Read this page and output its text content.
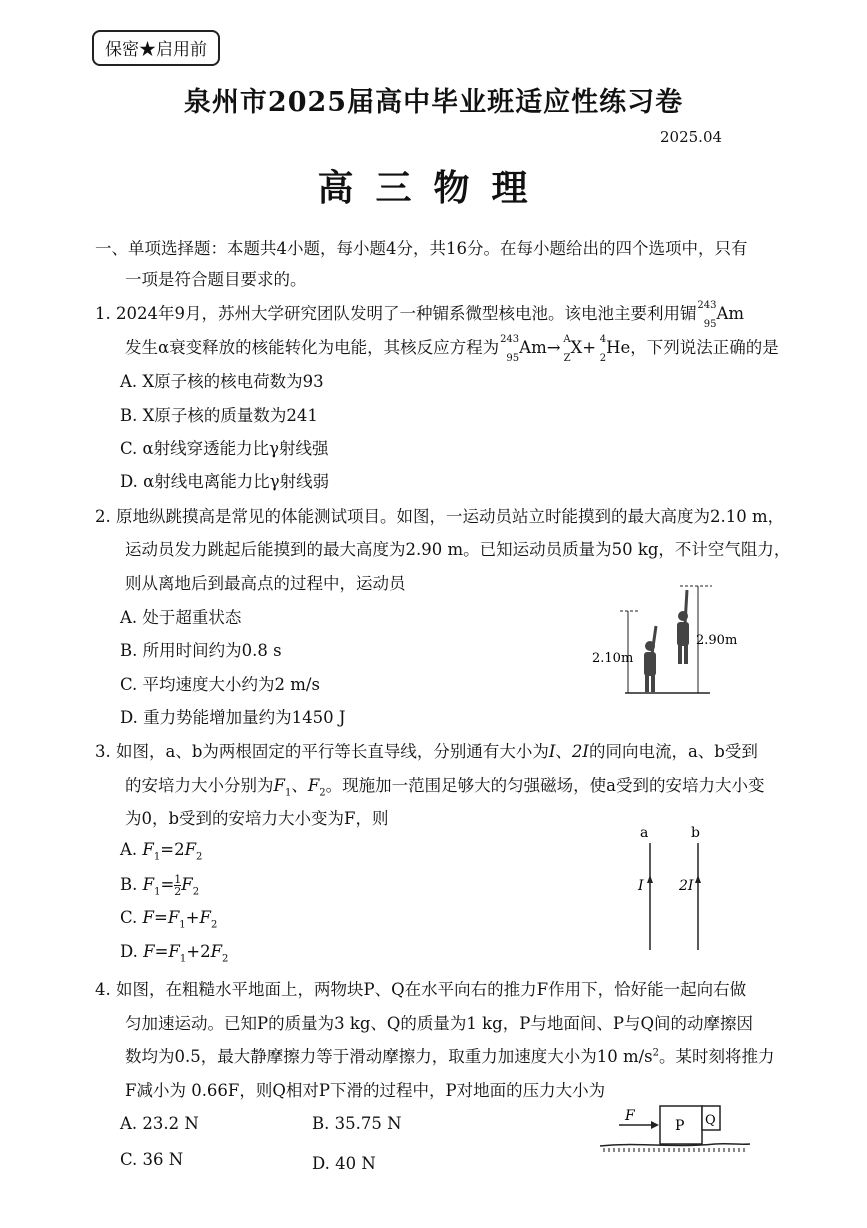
保密★启用前
泉州市2025届高中毕业班适应性练习卷
2025.04
高三物理
一、单项选择题：本题共4小题，每小题4分，共16分。在每小题给出的四个选项中，只有
一项是符合题目要求的。
1. 2024年9月，苏州大学研究团队发明了一种镅系微型核电池。该电池主要利用镅 243
95
Am
发生α衰变释放的核能转化为电能，其核反应方程为 243
95
Am→ A
Z
X+ 4
2
He，下列说法正确的是
A. X原子核的核电荷数为93
B. X原子核的质量数为241
C. α射线穿透能力比γ射线强
D. α射线电离能力比γ射线弱
2. 原地纵跳摸高是常见的体能测试项目。如图，一运动员站立时能摸到的最大高度为2.10 m，
运动员发力跳起后能摸到的最大高度为2.90 m。已知运动员质量为50 kg，不计空气阻力，
则从离地后到最高点的过程中，运动员
A. 处于超重状态
B. 所用时间约为0.8 s
C. 平均速度大小约为2 m/s
D. 重力势能增加量约为1450 J
2.10m
2.90m
3. 如图，a、b为两根固定的平行等长直导线，分别通有大小为I、2I的同向电流，a、b受到
的安培力大小分别为$F_1$、$F_2$。现施加一范围足够大的匀强磁场，使a受到的安培力大小变
为0，b受到的安培力大小变为F，则
A. $F_1=2F_2$
B. $F_1= \frac{1}{2} F_2$
C. $F=F_1+F_2$
D. $F=F_1+2F_2$
a	b
I	2I
4. 如图，在粗糙水平地面上，两物块P、Q在水平向右的推力F作用下，恰好能一起向右做
匀加速运动。已知P的质量为3 kg、Q的质量为1 kg，P与地面间、P与Q间的动摩擦因
数均为0.5，最大静摩擦力等于滑动摩擦力，取重力加速度大小为10 $m/s^2$。某时刻将推力
F减小为 0.66F，则Q相对P下滑的过程中，P对地面的压力大小为
A. 23.2 N	B. 35.75 N
C. 36 N	D. 40 N
F
P Q
